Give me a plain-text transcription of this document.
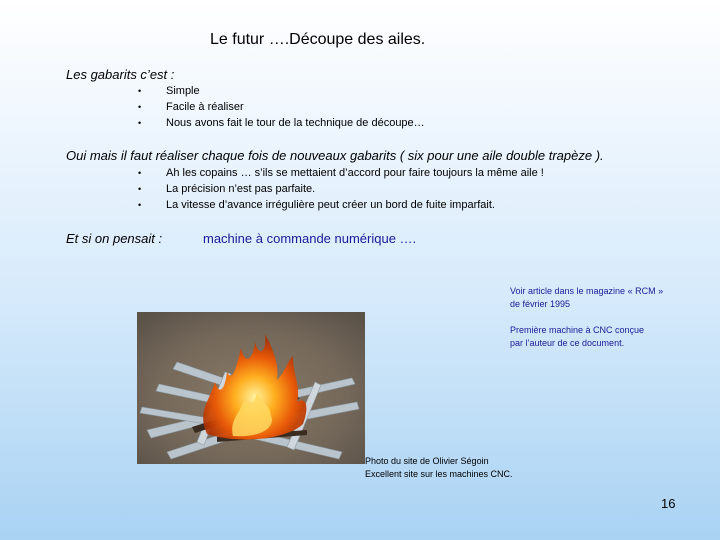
Le futur ….Découpe des ailes.
Les gabarits c’est :
• Simple
• Facile à réaliser
• Nous avons fait le tour de la technique de découpe…
Oui mais il faut réaliser chaque fois de nouveaux gabarits ( six pour une aile double trapèze ).
• Ah les copains … s’ils se mettaient d’accord pour faire toujours la même aile !
• La précision n’est pas parfaite.
• La vitesse d’avance irrégulière peut créer un bord de fuite imparfait.
Et si on pensait :	machine à commande numérique ….
Voir article dans le magazine « RCM »
de février 1995
Première machine à CNC conçue
par l’auteur de ce document.
Photo du site de Olivier Ségoin
Excellent site sur les machines CNC.
16
